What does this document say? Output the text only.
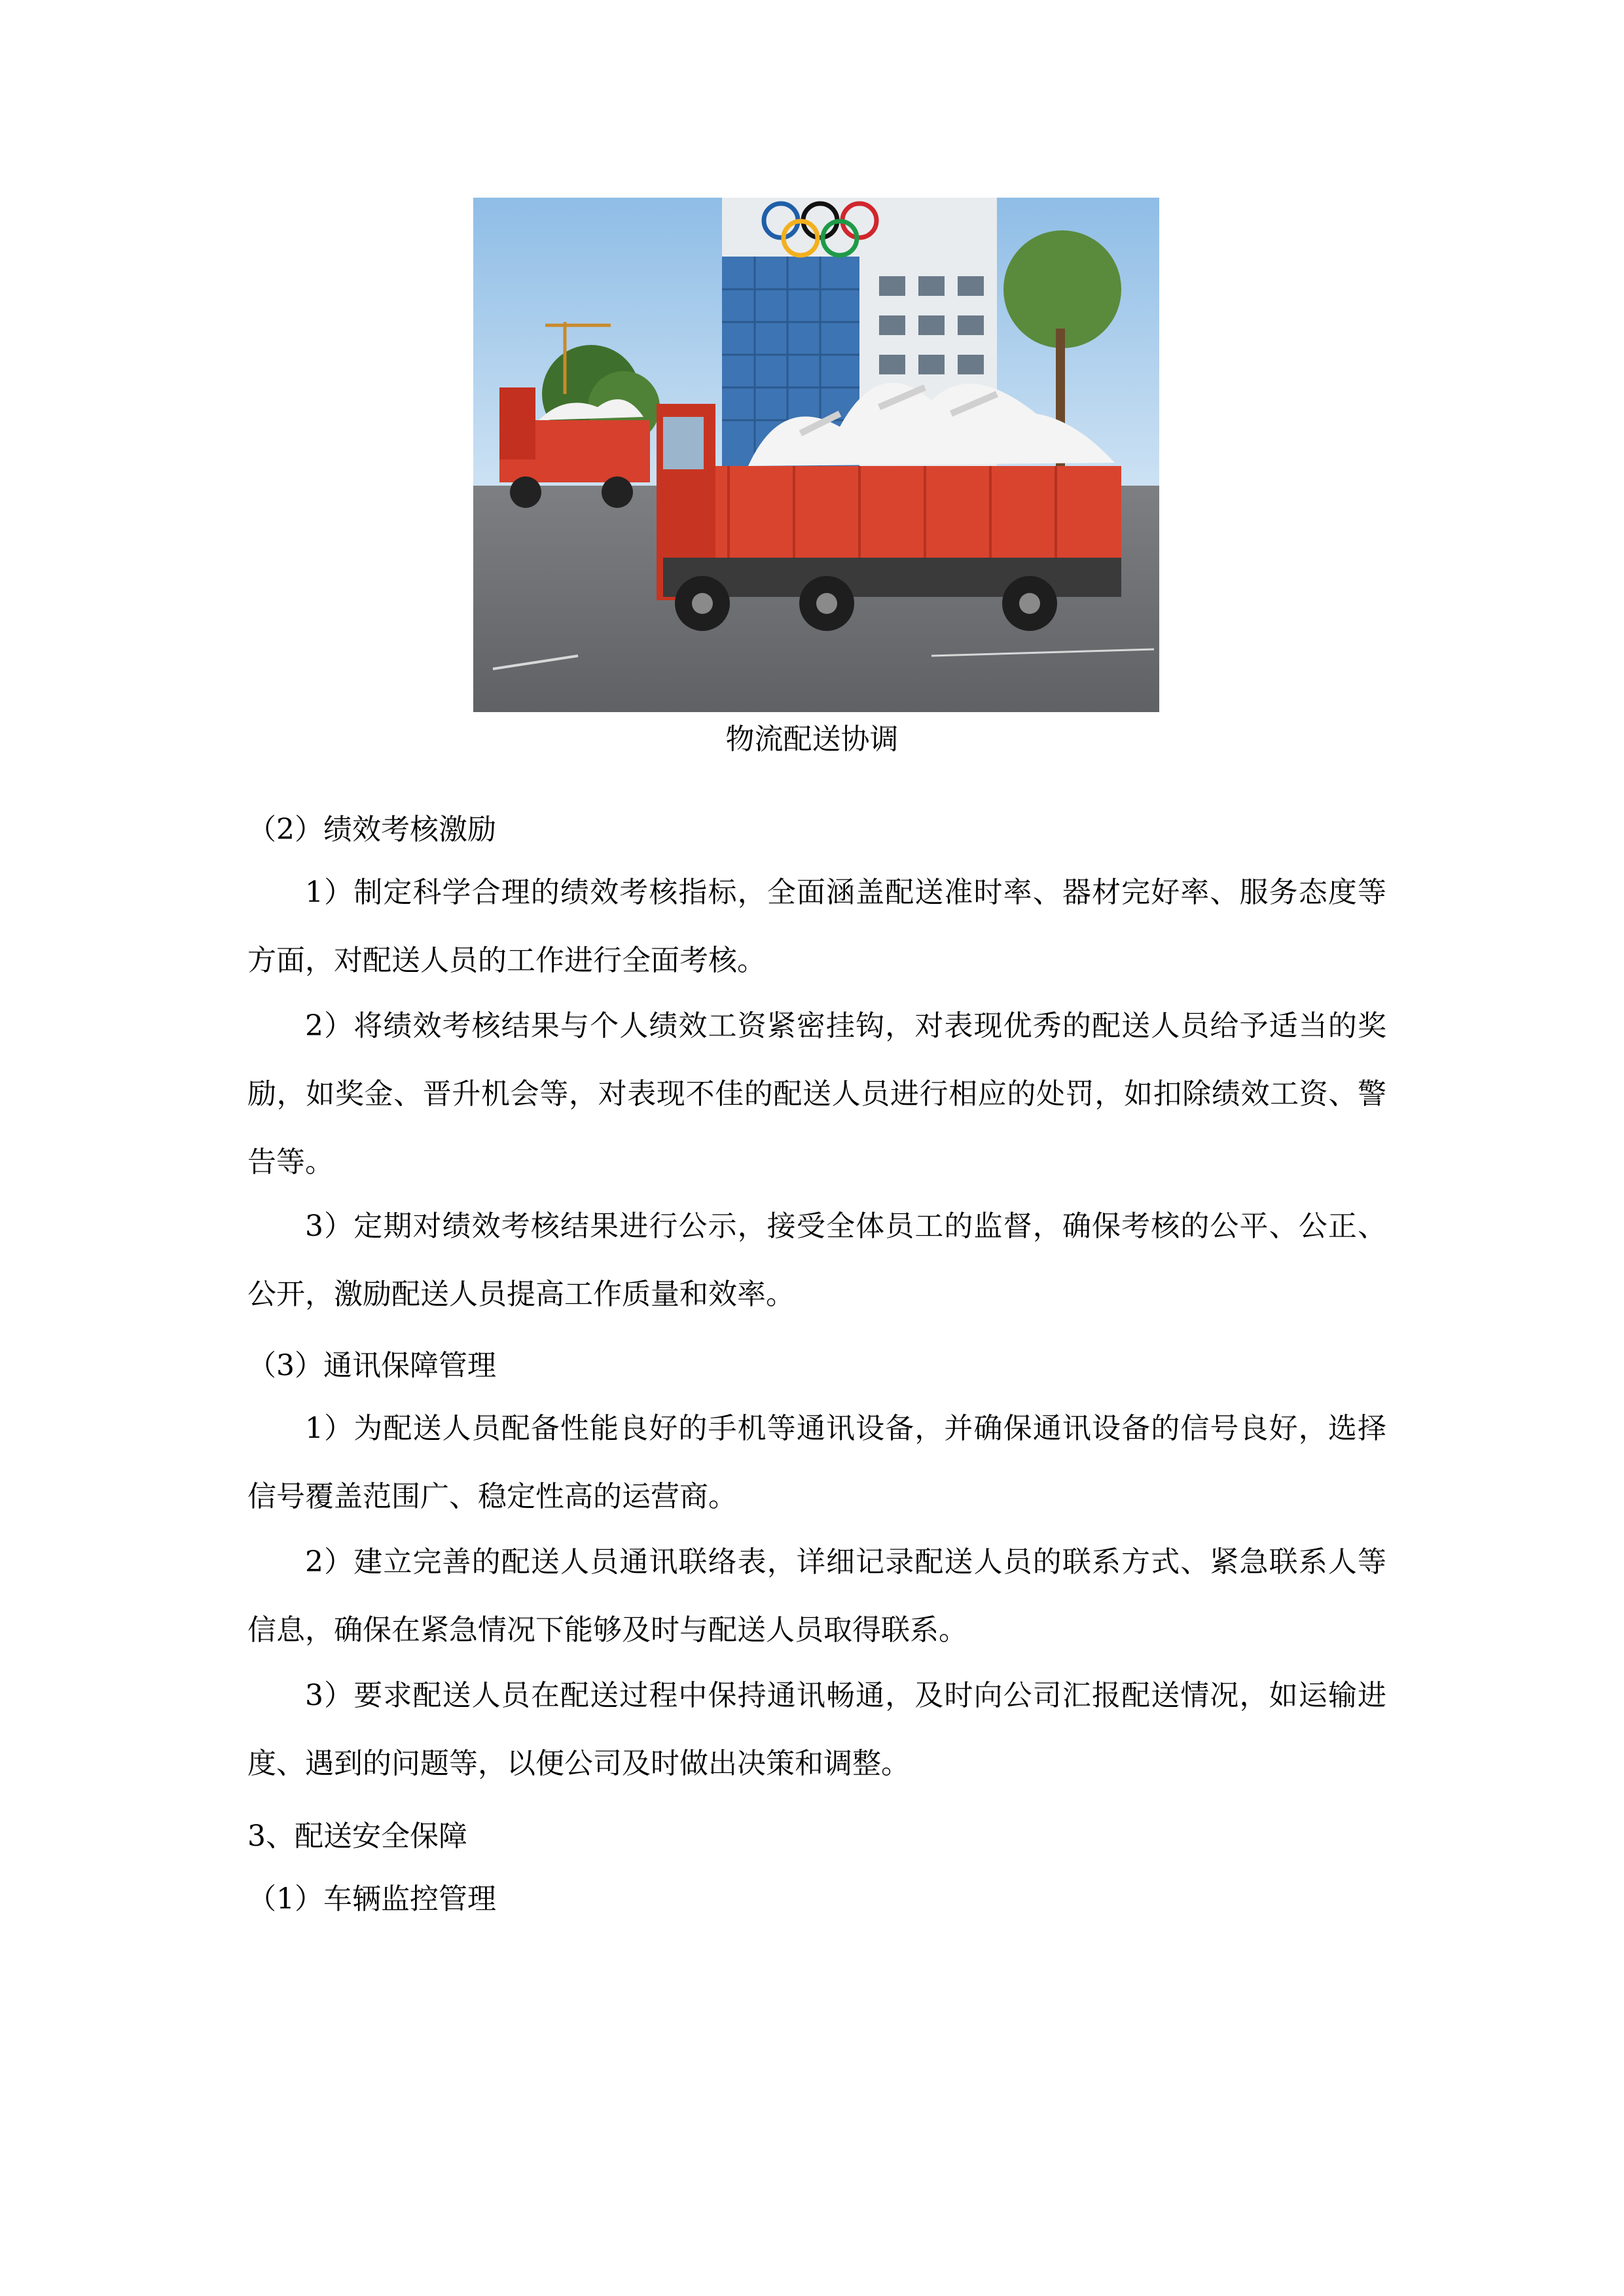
物流配送协调
（2）绩效考核激励
1）制定科学合理的绩效考核指标，全面涵盖配送准时率、器材完好率、服务态度等方面，对配送人员的工作进行全面考核。
2）将绩效考核结果与个人绩效工资紧密挂钩，对表现优秀的配送人员给予适当的奖励，如奖金、晋升机会等，对表现不佳的配送人员进行相应的处罚，如扣除绩效工资、警告等。
3）定期对绩效考核结果进行公示，接受全体员工的监督，确保考核的公平、公正、公开，激励配送人员提高工作质量和效率。
（3）通讯保障管理
1）为配送人员配备性能良好的手机等通讯设备，并确保通讯设备的信号良好，选择信号覆盖范围广、稳定性高的运营商。
2）建立完善的配送人员通讯联络表，详细记录配送人员的联系方式、紧急联系人等信息，确保在紧急情况下能够及时与配送人员取得联系。
3）要求配送人员在配送过程中保持通讯畅通，及时向公司汇报配送情况，如运输进度、遇到的问题等，以便公司及时做出决策和调整。
3、配送安全保障
（1）车辆监控管理
